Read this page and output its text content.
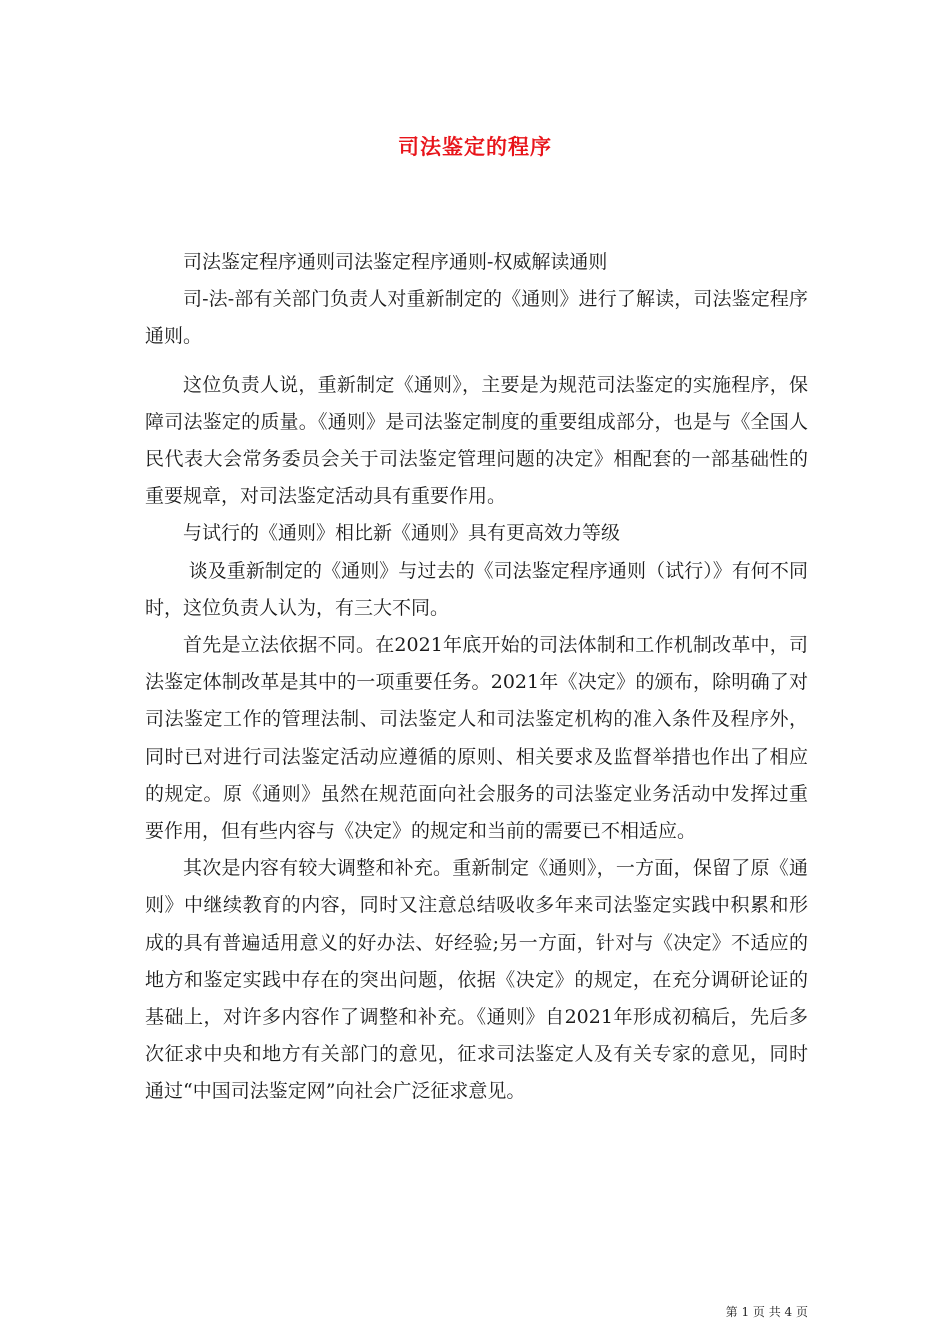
司法鉴定的程序

司法鉴定程序通则司法鉴定程序通则-权威解读通则

司-法-部有关部门负责人对重新制定的《通则》进行了解读，司法鉴定程序通则。

这位负责人说，重新制定《通则》，主要是为规范司法鉴定的实施程序，保障司法鉴定的质量。《通则》是司法鉴定制度的重要组成部分，也是与《全国人民代表大会常务委员会关于司法鉴定管理问题的决定》相配套的一部基础性的重要规章，对司法鉴定活动具有重要作用。

与试行的《通则》相比新《通则》具有更高效力等级

谈及重新制定的《通则》与过去的《司法鉴定程序通则（试行）》有何不同时，这位负责人认为，有三大不同。

首先是立法依据不同。在2021年底开始的司法体制和工作机制改革中，司法鉴定体制改革是其中的一项重要任务。2021年《决定》的颁布，除明确了对司法鉴定工作的管理法制、司法鉴定人和司法鉴定机构的准入条件及程序外，同时已对进行司法鉴定活动应遵循的原则、相关要求及监督举措也作出了相应的规定。原《通则》虽然在规范面向社会服务的司法鉴定业务活动中发挥过重要作用，但有些内容与《决定》的规定和当前的需要已不相适应。

其次是内容有较大调整和补充。重新制定《通则》，一方面，保留了原《通则》中继续教育的内容，同时又注意总结吸收多年来司法鉴定实践中积累和形成的具有普遍适用意义的好办法、好经验;另一方面，针对与《决定》不适应的地方和鉴定实践中存在的突出问题，依据《决定》的规定，在充分调研论证的基础上，对许多内容作了调整和补充。《通则》自2021年形成初稿后，先后多次征求中央和地方有关部门的意见，征求司法鉴定人及有关专家的意见，同时通过“中国司法鉴定网”向社会广泛征求意见。

第 1 页 共 4 页
